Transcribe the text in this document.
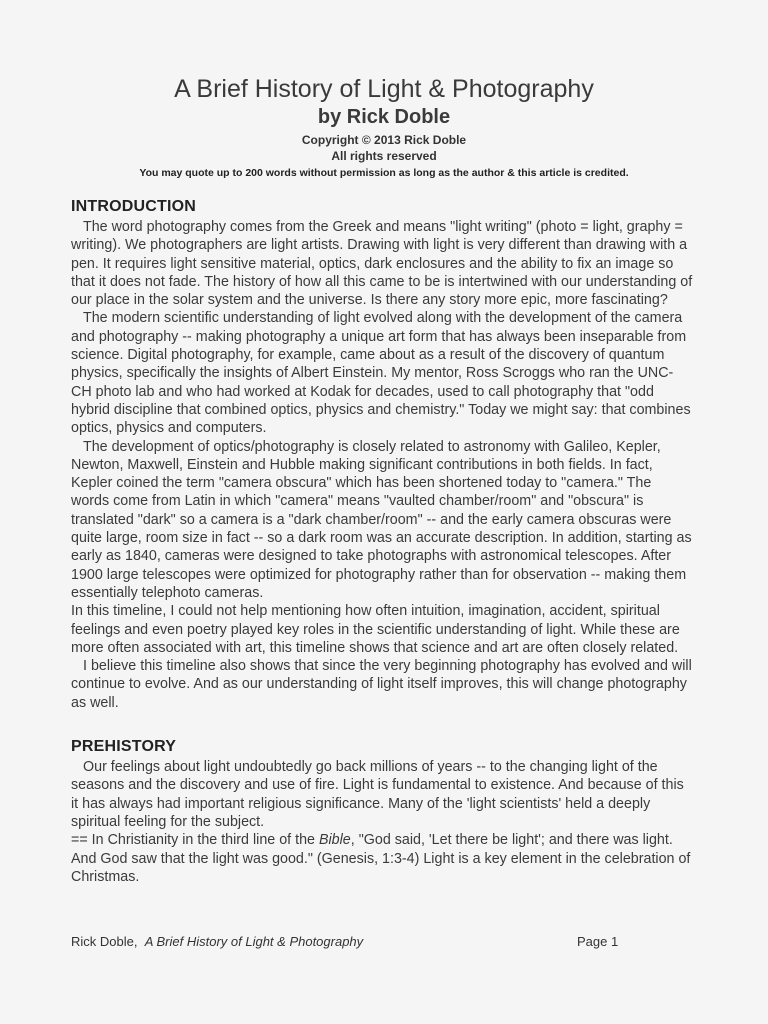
A Brief History of Light & Photography

by Rick Doble

Copyright © 2013 Rick Doble

All rights reserved

You may quote up to 200 words without permission as long as the author & this article is credited.

INTRODUCTION

The word photography comes from the Greek and means "light writing" (photo = light, graphy = writing). We photographers are light artists. Drawing with light is very different than drawing with a pen. It requires light sensitive material, optics, dark enclosures and the ability to fix an image so that it does not fade. The history of how all this came to be is intertwined with our understanding of our place in the solar system and the universe. Is there any story more epic, more fascinating?

The modern scientific understanding of light evolved along with the development of the camera and photography -- making photography a unique art form that has always been inseparable from science. Digital photography, for example, came about as a result of the discovery of quantum physics, specifically the insights of Albert Einstein. My mentor, Ross Scroggs who ran the UNC-CH photo lab and who had worked at Kodak for decades, used to call photography that "odd hybrid discipline that combined optics, physics and chemistry." Today we might say: that combines optics, physics and computers.

The development of optics/photography is closely related to astronomy with Galileo, Kepler, Newton, Maxwell, Einstein and Hubble making significant contributions in both fields. In fact, Kepler coined the term "camera obscura" which has been shortened today to "camera." The words come from Latin in which "camera" means "vaulted chamber/room" and "obscura" is translated "dark" so a camera is a "dark chamber/room" -- and the early camera obscuras were quite large, room size in fact -- so a dark room was an accurate description. In addition, starting as early as 1840, cameras were designed to take photographs with astronomical telescopes. After 1900 large telescopes were optimized for photography rather than for observation -- making them essentially telephoto cameras.

In this timeline, I could not help mentioning how often intuition, imagination, accident, spiritual feelings and even poetry played key roles in the scientific understanding of light. While these are more often associated with art, this timeline shows that science and art are often closely related.

I believe this timeline also shows that since the very beginning photography has evolved and will continue to evolve. And as our understanding of light itself improves, this will change photography as well.

PREHISTORY

Our feelings about light undoubtedly go back millions of years -- to the changing light of the seasons and the discovery and use of fire. Light is fundamental to existence. And because of this it has always had important religious significance. Many of the 'light scientists' held a deeply spiritual feeling for the subject.

== In Christianity in the third line of the Bible, "God said, 'Let there be light'; and there was light. And God saw that the light was good." (Genesis, 1:3-4) Light is a key element in the celebration of Christmas.

Rick Doble, A Brief History of Light & Photography	Page 1
